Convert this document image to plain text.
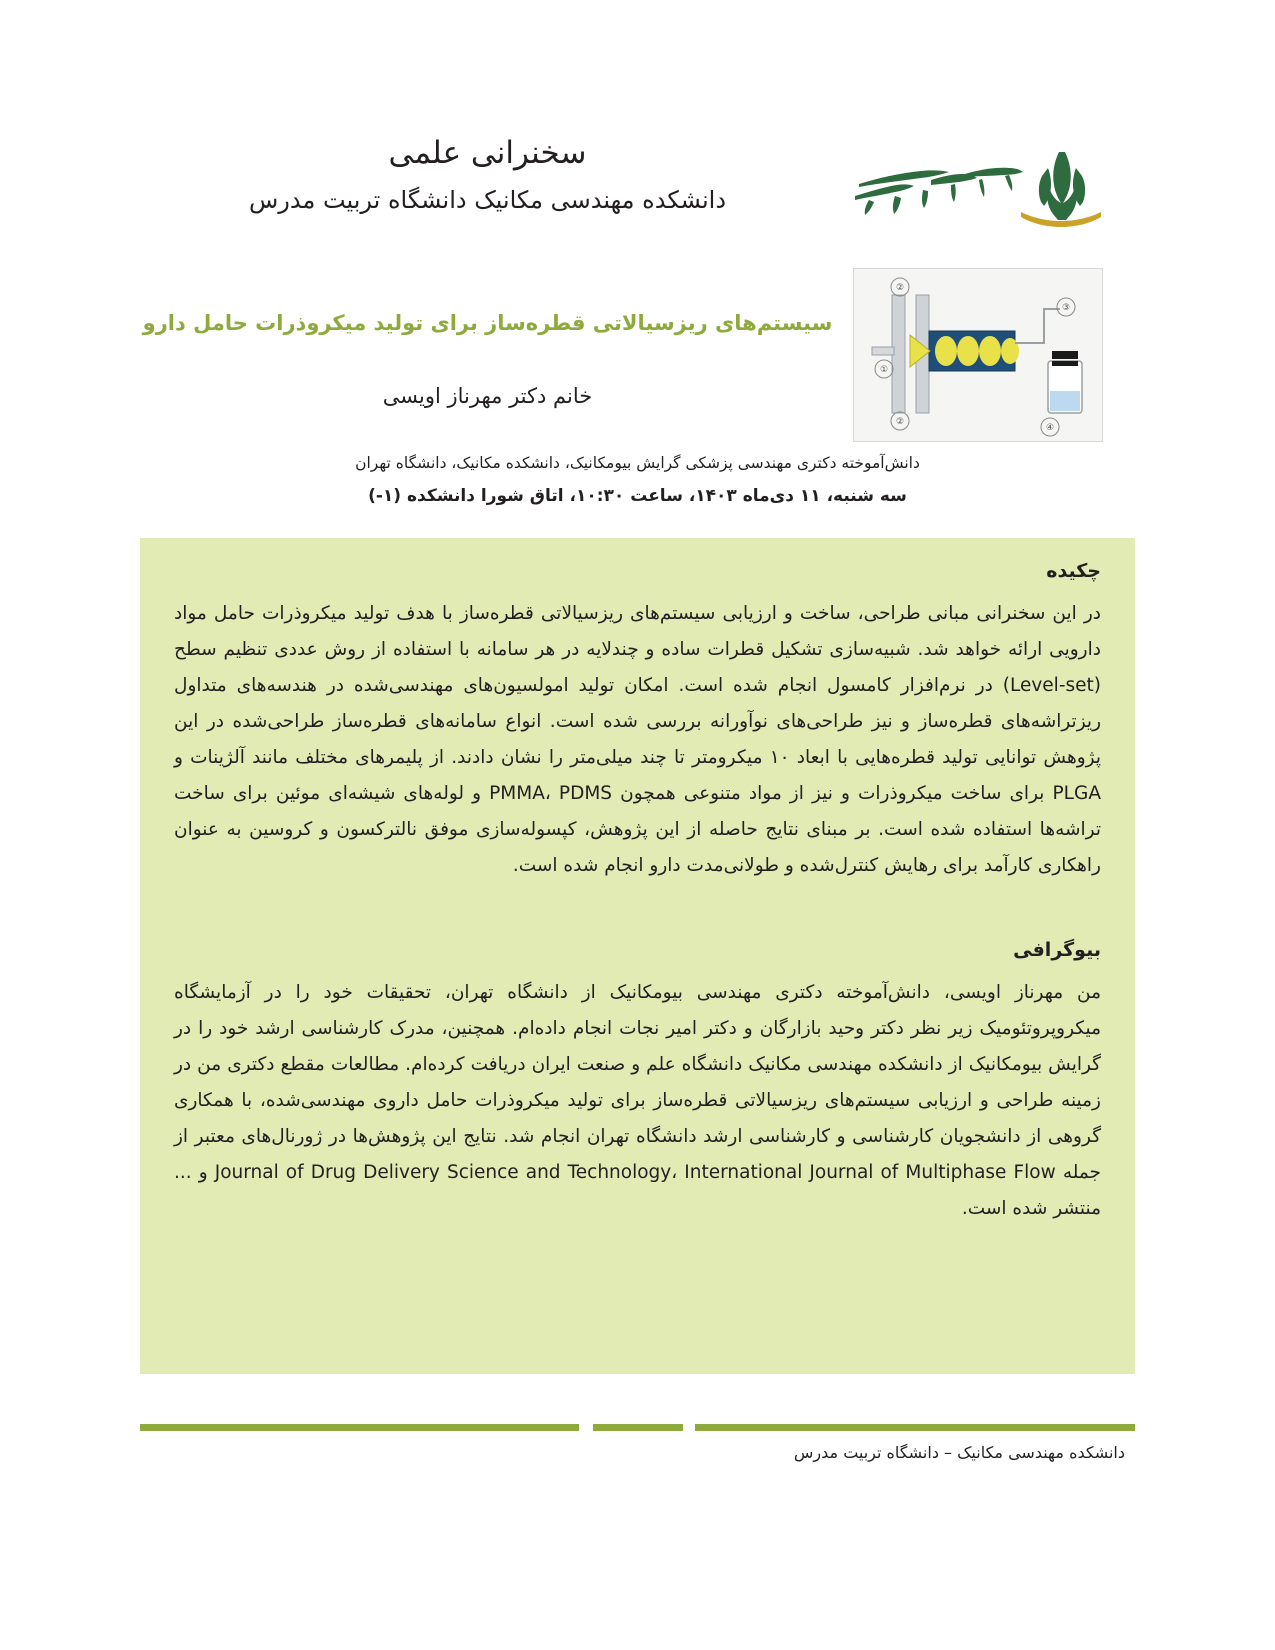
سخنرانی علمی
دانشکده مهندسی مکانیک دانشگاه تربیت مدرس
①
②
②
③
④
سیستم‌های ریزسیالاتی قطره‌ساز برای تولید میکروذرات حامل دارو
خانم دکتر مهرناز اویسی
دانش‌آموخته دکتری مهندسی پزشکی گرایش بیومکانیک، دانشکده مکانیک، دانشگاه تهران
سه شنبه، ۱۱ دی‌ماه ۱۴۰۳، ساعت ۱۰:۳۰، اتاق شورا دانشکده (۱-)
چکیده

در این سخنرانی مبانی طراحی، ساخت و ارزیابی سیستم‌های ریزسیالاتی قطره‌ساز با هدف تولید میکروذرات حامل مواد دارویی ارائه خواهد شد. شبیه‌سازی تشکیل قطرات ساده و چندلایه در هر سامانه با استفاده از روش عددی تنظیم سطح (Level-set) در نرم‌افزار کامسول انجام شده است. امکان تولید امولسیون‌های مهندسی‌شده در هندسه‌های متداول ریزتراشه‌های قطره‌ساز و نیز طراحی‌های نوآورانه بررسی شده است. انواع سامانه‌های قطره‌ساز طراحی‌شده در این پژوهش توانایی تولید قطره‌هایی با ابعاد ۱۰ میکرومتر تا چند میلی‌متر را نشان دادند. از پلیمرهای مختلف مانند آلژینات و PLGA برای ساخت میکروذرات و نیز از مواد متنوعی همچون PMMA، PDMS و لوله‌های شیشه‌ای موئین برای ساخت تراشه‌ها استفاده شده است. بر مبنای نتایج حاصله از این پژوهش، کپسوله‌سازی موفق نالترکسون و کروسین به عنوان راهکاری کارآمد برای رهایش کنترل‌شده و طولانی‌مدت دارو انجام شده است.

بیوگرافی

من مهرناز اویسی، دانش‌آموخته دکتری مهندسی بیومکانیک از دانشگاه تهران، تحقیقات خود را در آزمایشگاه میکروپروتئومیک زیر نظر دکتر وحید بازارگان و دکتر امیر نجات انجام داده‌ام. همچنین، مدرک کارشناسی ارشد خود را در گرایش بیومکانیک از دانشکده مهندسی مکانیک دانشگاه علم و صنعت ایران دریافت کرده‌ام. مطالعات مقطع دکتری من در زمینه طراحی و ارزیابی سیستم‌های ریزسیالاتی قطره‌ساز برای تولید میکروذرات حامل داروی مهندسی‌شده، با همکاری گروهی از دانشجویان کارشناسی و کارشناسی ارشد دانشگاه تهران انجام شد. نتایج این پژوهش‌ها در ژورنال‌های معتبر از جمله Journal of Drug Delivery Science and Technology، International Journal of Multiphase Flow و ... منتشر شده است.

دانشکده مهندسی مکانیک – دانشگاه تربیت مدرس
